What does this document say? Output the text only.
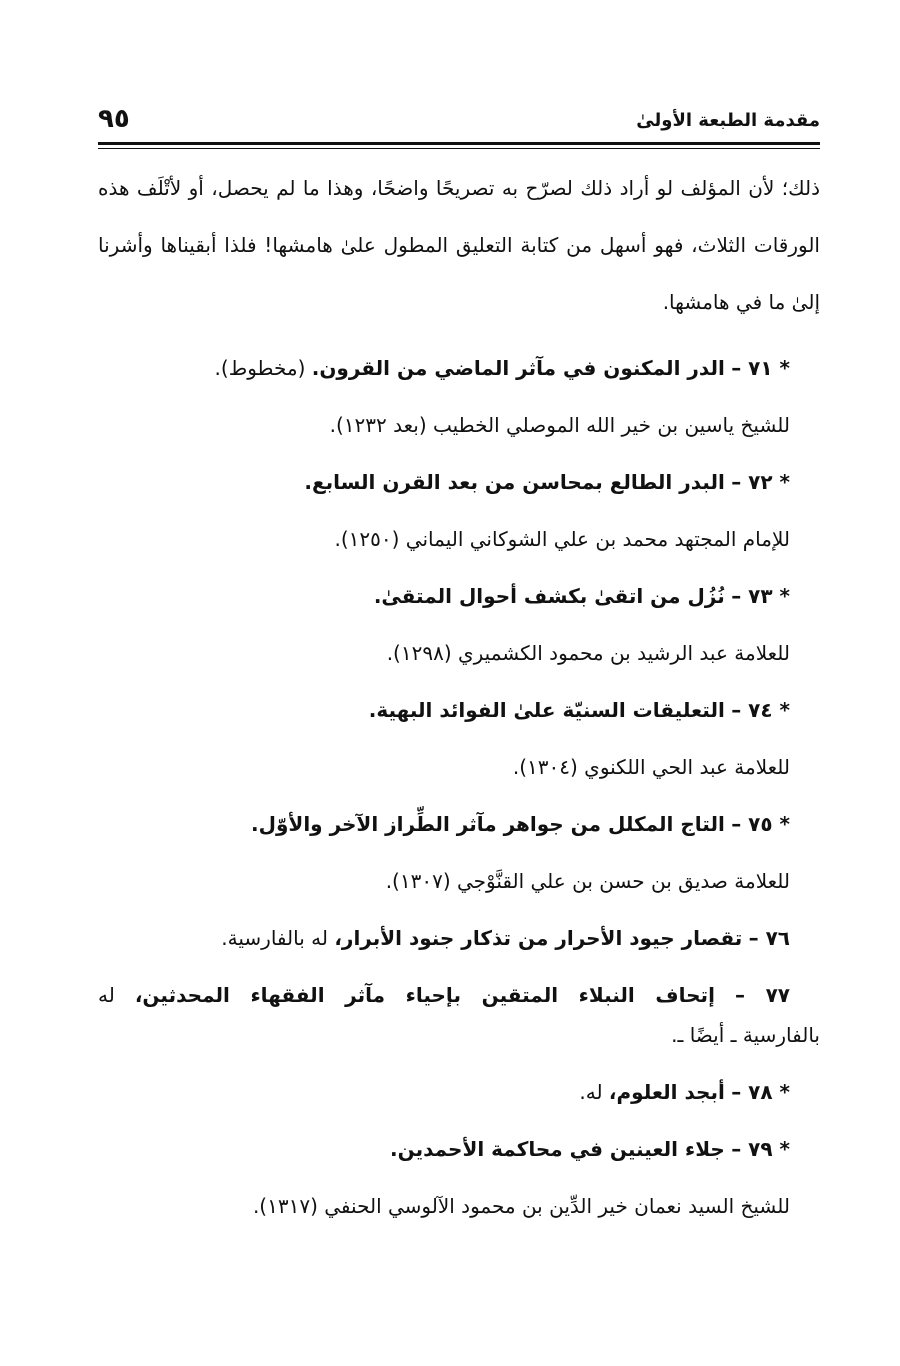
مقدمة الطبعة الأولىٰ
٩٥

ذلك؛ لأن المؤلف لو أراد ذلك لصرّح به تصريحًا واضحًا، وهذا ما لم يحصل، أو لأتْلَف هذه الورقات الثلاث، فهو أسهل من كتابة التعليق المطول علىٰ هامشها! فلذا أبقيناها وأشرنا إلىٰ ما في هامشها.

* ٧١ – الدر المكنون في مآثر الماضي من القرون. (مخطوط).

للشيخ ياسين بن خير الله الموصلي الخطيب (بعد ١٢٣٢).

* ٧٢ – البدر الطالع بمحاسن من بعد القرن السابع.

للإمام المجتهد محمد بن علي الشوكاني اليماني (١٢٥٠).

* ٧٣ – نُزُل من اتقىٰ بكشف أحوال المتقىٰ.

للعلامة عبد الرشيد بن محمود الكشميري (١٢٩٨).

* ٧٤ – التعليقات السنيّة علىٰ الفوائد البهية.

للعلامة عبد الحي اللكنوي (١٣٠٤).

* ٧٥ – التاج المكلل من جواهر مآثر الطِّراز الآخر والأوّل.

للعلامة صديق بن حسن بن علي القنَّوْجي (١٣٠٧).

٧٦ – تقصار جيود الأحرار من تذكار جنود الأبرار، له بالفارسية.

٧٧ – إتحاف النبلاء المتقين بإحياء مآثر الفقهاء المحدثين، له
بالفارسية ـ أيضًا ـ.

* ٧٨ – أبجد العلوم، له.

* ٧٩ – جلاء العينين في محاكمة الأحمدين.

للشيخ السيد نعمان خير الدِّين بن محمود الآلوسي الحنفي (١٣١٧).
